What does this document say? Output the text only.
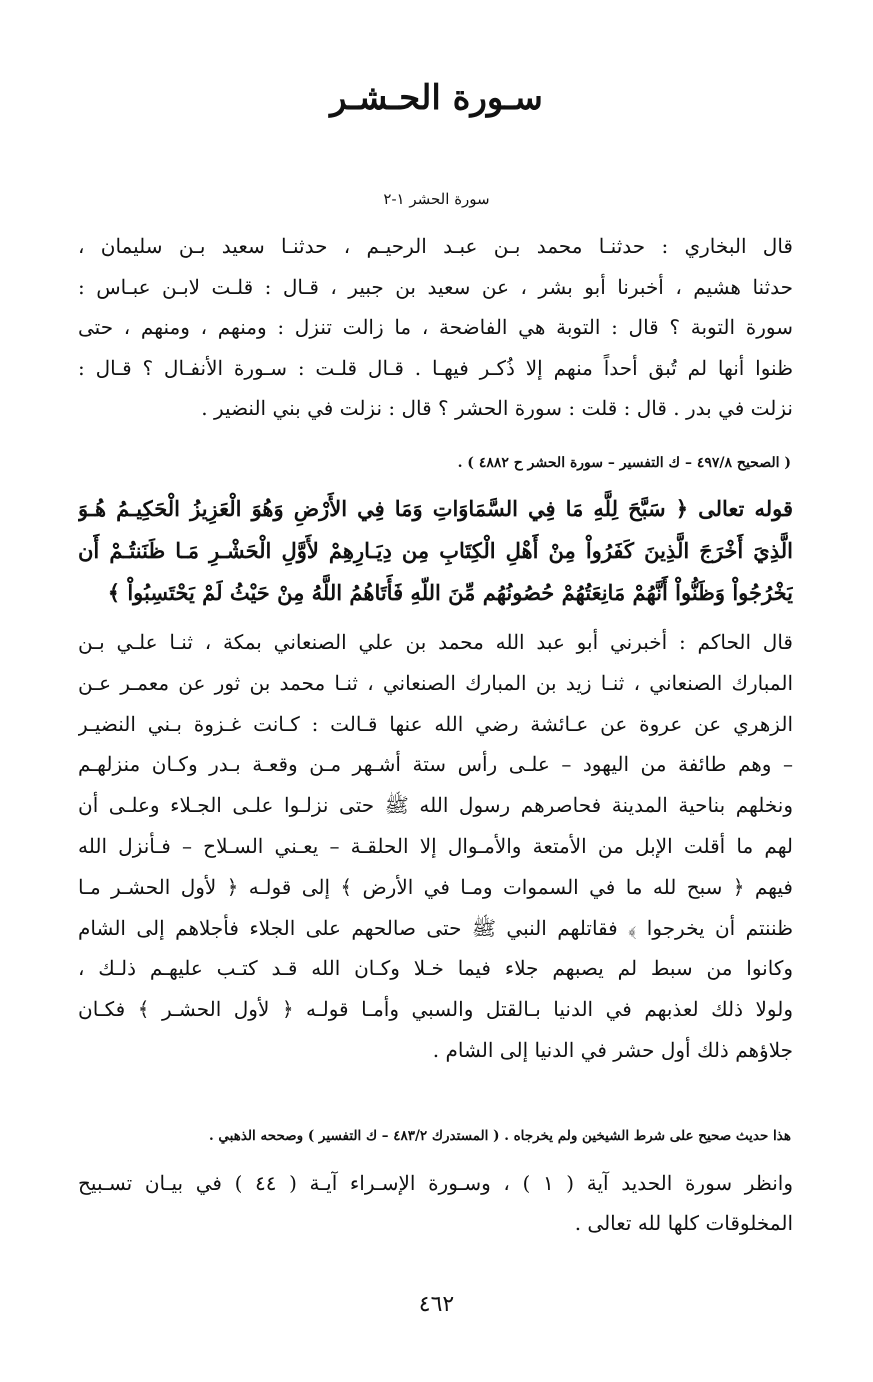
سـورة الحـشـر
سورة الحشر ١-٢
قال البخاري : حدثنـا محمد بـن عبـد الرحيـم ، حدثنـا سعيد بـن سليمان ،
حدثنا هشيم ، أخبرنا أبو بشر ، عن سعيد بن جبير ، قـال : قلـت لابـن عبـاس :
سورة التوبة ؟ قال : التوبة هي الفاضحة ، ما زالت تنزل : ومنهم ، ومنهم ، حتى
ظنوا أنها لم تُبق أحداً منهم إلا ذُكـر فيهـا . قـال قلـت : سـورة الأنفـال ؟ قـال :
نزلت في بدر . قال : قلت : سورة الحشر ؟ قال : نزلت في بني النضير .
( الصحيح ٤٩٧/٨ – ك التفسير – سورة الحشر ح ٤٨٨٢ ) .
قوله تعالى ﴿ سَبَّحَ لِلَّهِ مَا فِي السَّمَاوَاتِ وَمَا فِي الأَرْضِ وَهُوَ الْعَزِيزُ الْحَكِيـمُ هُـوَ
الَّذِيَ أَخْرَجَ الَّذِينَ كَفَرُواْ مِنْ أَهْلِ الْكِتَابِ مِن دِيَـارِهِمْ لأَوَّلِ الْحَشْـرِ مَـا ظَنَنتُـمْ أَن
يَخْرُجُواْ وَظَنُّواْ أَنَّهُمْ مَانِعَتُهُمْ حُصُونُهُم مِّنَ اللّهِ فَأَتَاهُمُ اللَّهُ مِنْ حَيْثُ لَمْ يَحْتَسِبُواْ ﴾
قال الحاكم : أخبرني أبو عبد الله محمد بن علي الصنعاني بمكة ، ثنـا علـي بـن
المبارك الصنعاني ، ثنـا زيد بن المبارك الصنعاني ، ثنـا محمد بن ثور عن معمـر عـن
الزهري عن عروة عن عـائشة رضي الله عنها قـالت : كـانت غـزوة بـني النضيـر
– وهم طائفة من اليهود – علـى رأس ستة أشـهر مـن وقعـة بـدر وكـان منزلهـم
ونخلهم بناحية المدينة فحاصرهم رسول الله ﷺ حتى نزلـوا علـى الجـلاء وعلـى أن
لهم ما أقلت الإبل من الأمتعة والأمـوال إلا الحلقـة – يعـني السـلاح – فـأنزل الله
فيهم ﴿ سبح لله ما في السموات ومـا في الأرض ﴾ إلى قولـه ﴿ لأول الحشـر مـا
ظننتم أن يخرجوا ﴾ فقاتلهم النبي ﷺ حتى صالحهم على الجلاء فأجلاهم إلى الشام
وكانوا من سبط لم يصبهم جلاء فيما خـلا وكـان الله قـد كتـب عليهـم ذلـك ،
ولولا ذلك لعذبهم في الدنيا بـالقتل والسبي وأمـا قولـه ﴿ لأول الحشـر ﴾ فكـان
جلاؤهم ذلك أول حشر في الدنيا إلى الشام .
هذا حديث صحيح على شرط الشيخين ولم يخرجاه . ( المستدرك ٤٨٣/٢ – ك التفسير ) وصححه الذهبي .
وانظر سورة الحديد آية ( ١ ) ، وسـورة الإسـراء آيـة ( ٤٤ ) في بيـان تسـبيح
المخلوقات كلها لله تعالى .
٤٦٢
